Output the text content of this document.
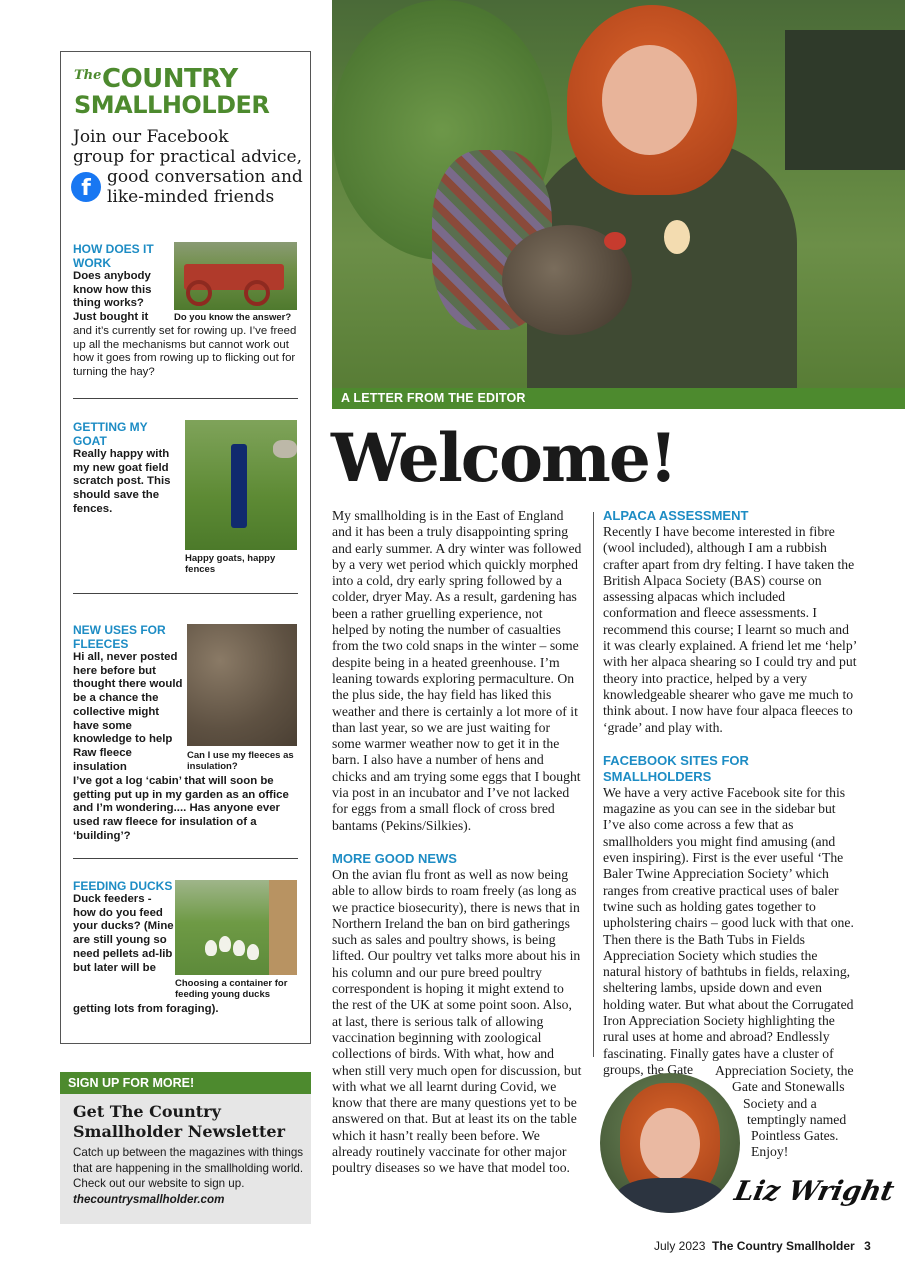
The COUNTRY
SMALLHOLDER
Join our Facebook
group for practical advice,
good conversation and
like-minded friends
f
HOW DOES IT WORK
Does anybody
know how this
thing works?
Just bought it
and it’s currently set for rowing up. I’ve freed up all the mechanisms but cannot work out how it goes from rowing up to flicking out for turning the hay?
Do you know the answer?
GETTING MY GOAT
Really happy with my new goat field scratch post. This should save the fences.
Happy goats, happy fences
NEW USES FOR FLEECES
Hi all, never posted here before but thought there would be a chance the collective might have some knowledge to help Raw fleece insulation
Can I use my fleeces as insulation?
I’ve got a log ‘cabin’ that will soon be getting put up in my garden as an office and I’m wondering.... Has anyone ever used raw fleece for insulation of a ‘building’?
FEEDING DUCKS
Duck feeders - how do you feed your ducks? (Mine are still young so need pellets ad-lib but later will be
Choosing a container for feeding young ducks
getting lots from foraging).
SIGN UP FOR MORE!
Get The Country Smallholder Newsletter
Catch up between the magazines with things that are happening in the smallholding world. Check out our website to sign up.
thecountrysmallholder.com
A LETTER FROM THE EDITOR
Welcome!

My smallholding is in the East of England and it has been a truly disappointing spring and early summer. A dry winter was followed by a very wet period which quickly morphed into a cold, dry early spring followed by a colder, dryer May. As a result, gardening has been a rather gruelling experience, not helped by noting the number of casualties from the two cold snaps in the winter – some despite being in a heated greenhouse. I’m leaning towards exploring permaculture. On the plus side, the hay field has liked this weather and there is certainly a lot more of it than last year, so we are just waiting for some warmer weather now to get it in the barn. I also have a number of hens and chicks and am trying some eggs that I bought via post in an incubator and I’ve not lacked for eggs from a small flock of cross bred bantams (Pekins/Silkies).

MORE GOOD NEWS

On the avian flu front as well as now being able to allow birds to roam freely (as long as we practice biosecurity), there is news that in Northern Ireland the ban on bird gatherings such as sales and poultry shows, is being lifted. Our poultry vet talks more about his in his column and our pure breed poultry correspondent is hoping it might extend to the rest of the UK at some point soon. Also, at last, there is serious talk of allowing vaccination beginning with zoological collections of birds. With what, how and when still very much open for discussion, but with what we all learnt during Covid, we know that there are many questions yet to be answered on that. But at least its on the table which it hasn’t really been before. We already routinely vaccinate for other major poultry diseases so we have that model too.

ALPACA ASSESSMENT

Recently I have become interested in fibre (wool included), although I am a rubbish crafter apart from dry felting. I have taken the British Alpaca Society (BAS) course on assessing alpacas which included conformation and fleece assessments. I recommend this course; I learnt so much and it was clearly explained. A friend let me ‘help’ with her alpaca shearing so I could try and put theory into practice, helped by a very knowledgeable shearer who gave me much to think about. I now have four alpaca fleeces to ‘grade’ and play with.

FACEBOOK SITES FOR SMALLHOLDERS

We have a very active Facebook site for this magazine as you can see in the sidebar but I’ve also come across a few that as smallholders you might find amusing (and even inspiring). First is the ever useful ‘The Baler Twine Appreciation Society’ which ranges from creative practical uses of baler twine such as holding gates together to upholstering chairs – good luck with that one. Then there is the Bath Tubs in Fields Appreciation Society which studies the natural history of bathtubs in fields, relaxing, sheltering lambs, upside down and even holding water. But what about the Corrugated Iron Appreciation Society highlighting the rural uses at home and abroad? Endlessly fascinating. Finally gates have a cluster of groups, the Gate	Appreciation Society, the
Gate and Stonewalls
Society and a
temptingly named
Pointless Gates.
Enjoy!
Liz Wright
July 2023 The Country Smallholder 3
